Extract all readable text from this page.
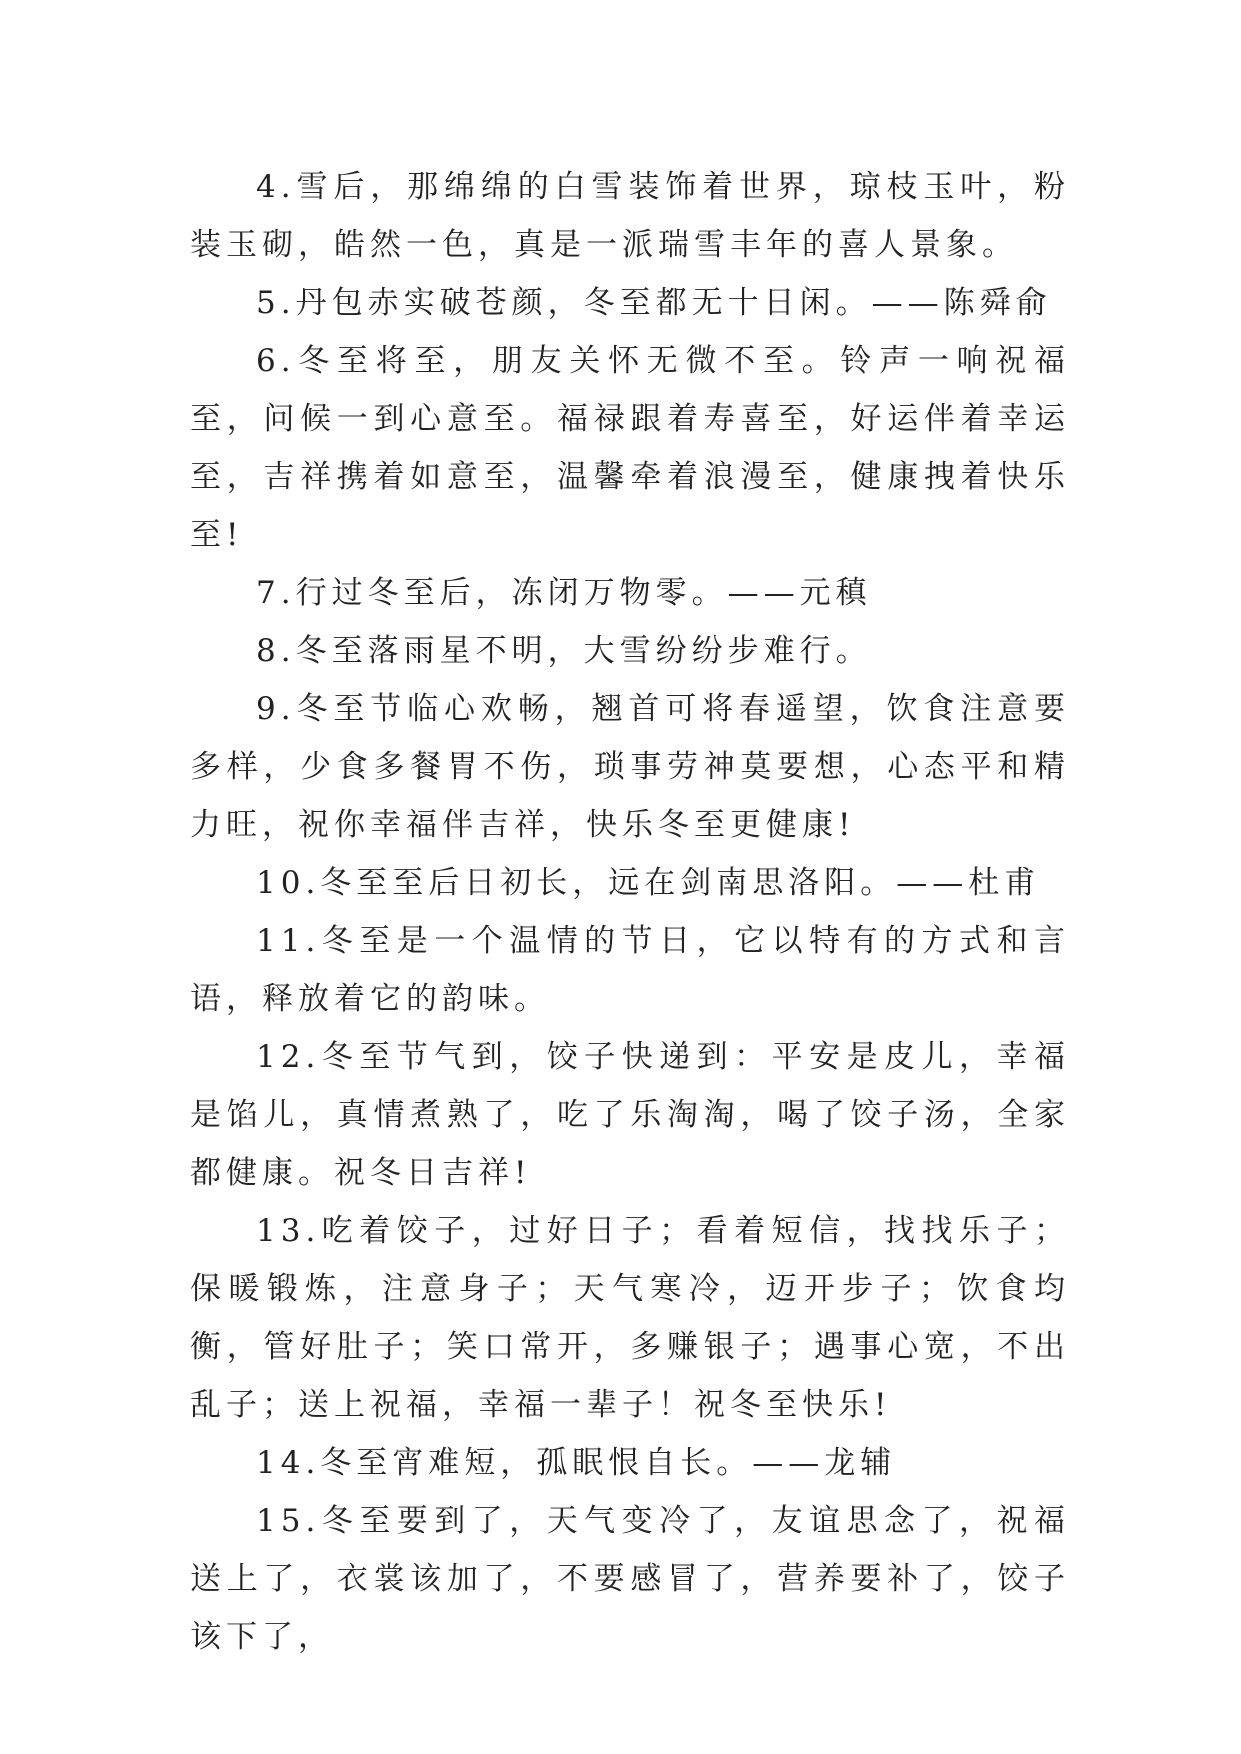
4.雪后，那绵绵的白雪装饰着世界，琼枝玉叶，粉装玉砌，皓然一色，真是一派瑞雪丰年的喜人景象。

5.丹包赤实破苍颜，冬至都无十日闲。——陈舜俞

6.冬至将至，朋友关怀无微不至。铃声一响祝福至，问候一到心意至。福禄跟着寿喜至，好运伴着幸运至，吉祥携着如意至，温馨牵着浪漫至，健康拽着快乐至!

7.行过冬至后，冻闭万物零。——元稹

8.冬至落雨星不明，大雪纷纷步难行。

9.冬至节临心欢畅，翘首可将春遥望，饮食注意要多样，少食多餐胃不伤，琐事劳神莫要想，心态平和精力旺，祝你幸福伴吉祥，快乐冬至更健康!

10.冬至至后日初长，远在剑南思洛阳。——杜甫

11.冬至是一个温情的节日，它以特有的方式和言语，释放着它的韵味。

12.冬至节气到，饺子快递到：平安是皮儿，幸福是馅儿，真情煮熟了，吃了乐淘淘，喝了饺子汤，全家都健康。祝冬日吉祥!

13.吃着饺子，过好日子；看着短信，找找乐子；保暖锻炼，注意身子；天气寒冷，迈开步子；饮食均衡，管好肚子；笑口常开，多赚银子；遇事心宽，不出乱子；送上祝福，幸福一辈子！祝冬至快乐!

14.冬至宵难短，孤眠恨自长。——龙辅

15.冬至要到了，天气变冷了，友谊思念了，祝福送上了，衣裳该加了，不要感冒了，营养要补了，饺子该下了，
